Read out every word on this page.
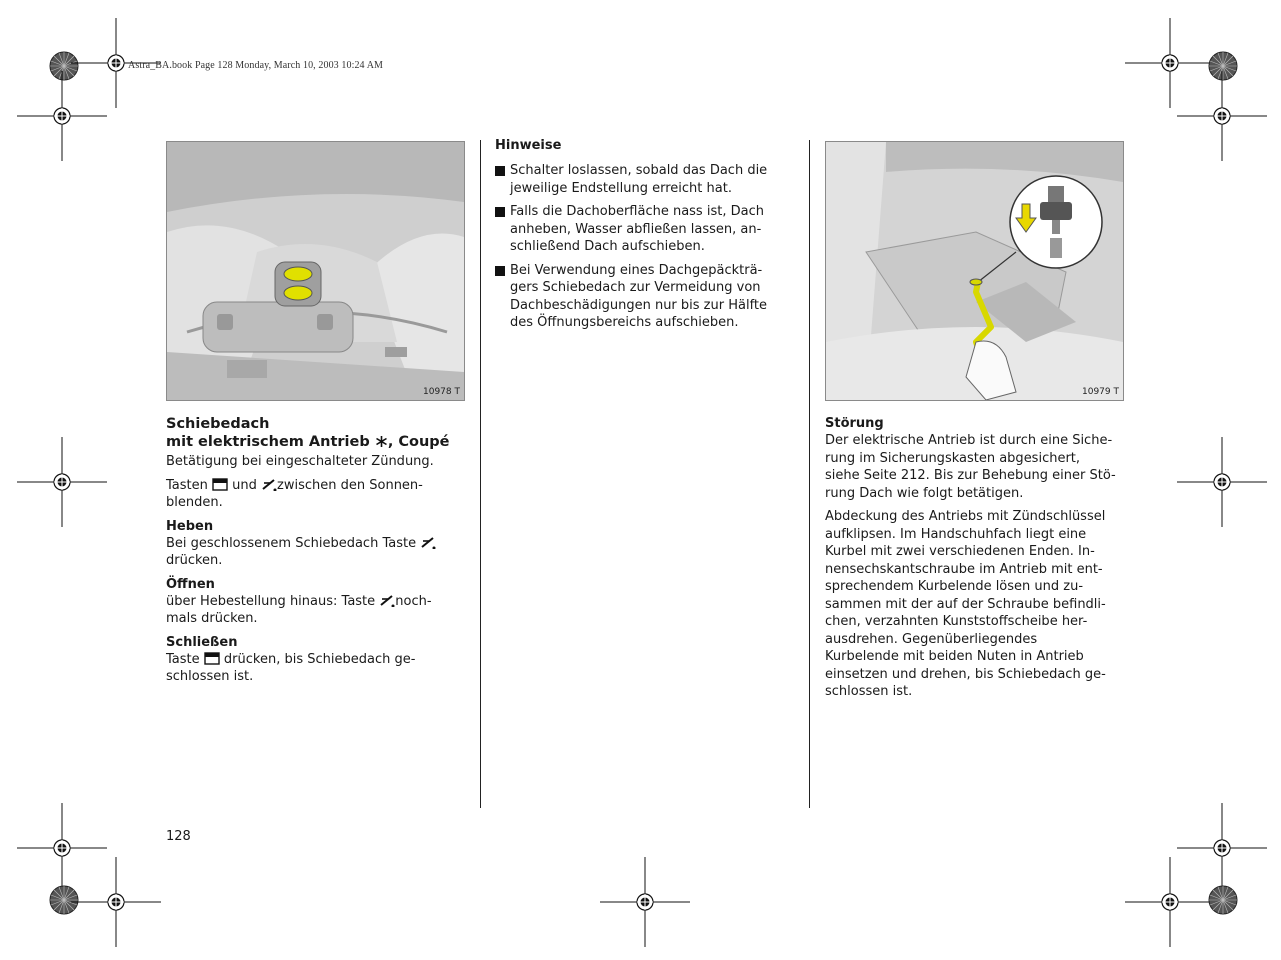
Astra_BA.book Page 128 Monday, March 10, 2003 10:24 AM
10978 T
Schiebedach
mit elektrischem Antrieb , Coupé

Betätigung bei eingeschalteter Zündung.

Tasten und zwischen den Sonnen-
blenden.

Heben

Bei geschlossenem Schiebedach Taste
drücken.

Öffnen

über Hebestellung hinaus: Taste noch-
mals drücken.

Schließen

Taste drücken, bis Schiebedach ge-
schlossen ist.

Hinweise
Schalter loslassen, sobald das Dach die
jeweilige Endstellung erreicht hat.
Falls die Dachoberfläche nass ist, Dach
anheben, Wasser abfließen lassen, an-
schließend Dach aufschieben.
Bei Verwendung eines Dachgepäckträ-
gers Schiebedach zur Vermeidung von
Dachbeschädigungen nur bis zur Hälfte
des Öffnungsbereichs aufschieben.
10979 T
Störung

Der elektrische Antrieb ist durch eine Siche-
rung im Sicherungskasten abgesichert,
siehe Seite 212. Bis zur Behebung einer Stö-
rung Dach wie folgt betätigen.

Abdeckung des Antriebs mit Zündschlüssel
aufklipsen. Im Handschuhfach liegt eine
Kurbel mit zwei verschiedenen Enden. In-
nensechskantschraube im Antrieb mit ent-
sprechendem Kurbelende lösen und zu-
sammen mit der auf der Schraube befindli-
chen, verzahnten Kunststoffscheibe her-
ausdrehen. Gegenüberliegendes
Kurbelende mit beiden Nuten in Antrieb
einsetzen und drehen, bis Schiebedach ge-
schlossen ist.

128
